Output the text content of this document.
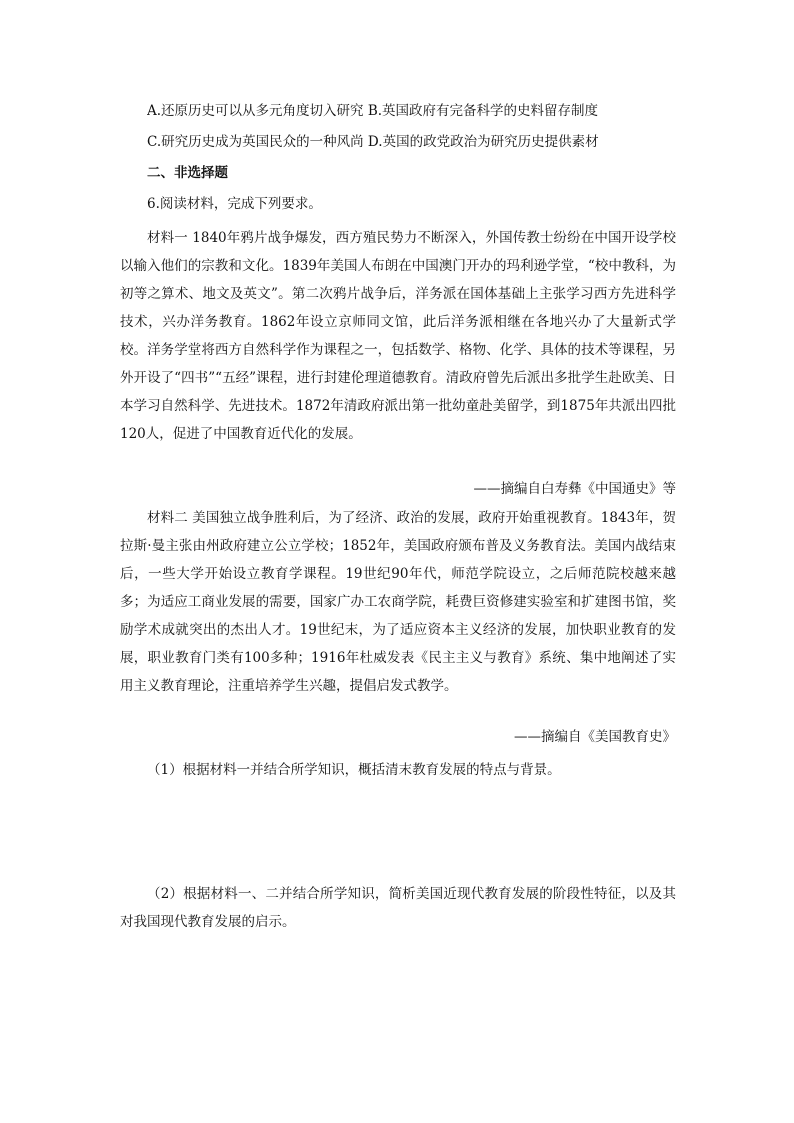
A.还原历史可以从多元角度切入研究 B.英国政府有完备科学的史料留存制度
C.研究历史成为英国民众的一种风尚 D.英国的政党政治为研究历史提供素材
二、非选择题
6.阅读材料，完成下列要求。
材料一 1840年鸦片战争爆发，西方殖民势力不断深入，外国传教士纷纷在中国开设学校以输入他们的宗教和文化。1839年美国人布朗在中国澳门开办的玛利逊学堂，“校中教科，为初等之算术、地文及英文”。第二次鸦片战争后，洋务派在国体基础上主张学习西方先进科学技术，兴办洋务教育。1862年设立京师同文馆，此后洋务派相继在各地兴办了大量新式学校。洋务学堂将西方自然科学作为课程之一，包括数学、格物、化学、具体的技术等课程，另外开设了“四书”“五经”课程，进行封建伦理道德教育。清政府曾先后派出多批学生赴欧美、日本学习自然科学、先进技术。1872年清政府派出第一批幼童赴美留学，到1875年共派出四批120人，促进了中国教育近代化的发展。
——摘编自白寿彝《中国通史》等
材料二 美国独立战争胜利后，为了经济、政治的发展，政府开始重视教育。1843年，贺拉斯·曼主张由州政府建立公立学校；1852年，美国政府颁布普及义务教育法。美国内战结束后，一些大学开始设立教育学课程。19世纪90年代，师范学院设立，之后师范院校越来越多；为适应工商业发展的需要，国家广办工农商学院，耗费巨资修建实验室和扩建图书馆，奖励学术成就突出的杰出人才。19世纪末，为了适应资本主义经济的发展，加快职业教育的发展，职业教育门类有100多种；1916年杜威发表《民主主义与教育》系统、集中地阐述了实用主义教育理论，注重培养学生兴趣，提倡启发式教学。
——摘编自《美国教育史》
（1）根据材料一并结合所学知识，概括清末教育发展的特点与背景。
（2）根据材料一、二并结合所学知识，简析美国近现代教育发展的阶段性特征，以及其对我国现代教育发展的启示。
